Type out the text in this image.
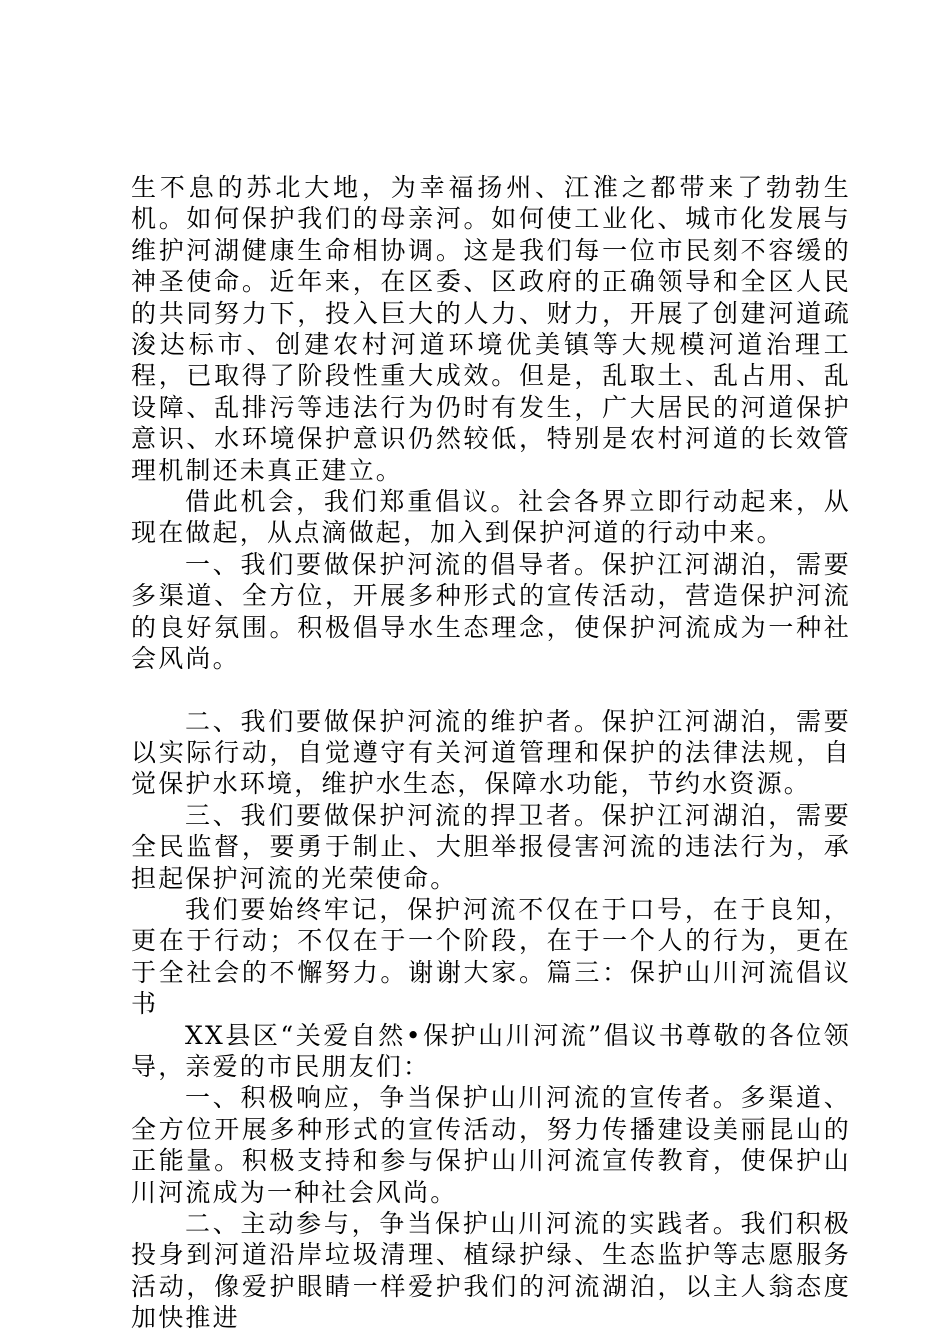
生不息的苏北大地，为幸福扬州、江淮之都带来了勃勃生机。如何保护我们的母亲河。如何使工业化、城市化发展与维护河湖健康生命相协调。这是我们每一位市民刻不容缓的神圣使命。近年来，在区委、区政府的正确领导和全区人民的共同努力下，投入巨大的人力、财力，开展了创建河道疏浚达标市、创建农村河道环境优美镇等大规模河道治理工程，已取得了阶段性重大成效。但是，乱取土、乱占用、乱设障、乱排污等违法行为仍时有发生，广大居民的河道保护意识、水环境保护意识仍然较低，特别是农村河道的长效管理机制还未真正建立。

借此机会，我们郑重倡议。社会各界立即行动起来，从现在做起，从点滴做起，加入到保护河道的行动中来。

一、我们要做保护河流的倡导者。保护江河湖泊，需要多渠道、全方位，开展多种形式的宣传活动，营造保护河流的良好氛围。积极倡导水生态理念，使保护河流成为一种社会风尚。

二、我们要做保护河流的维护者。保护江河湖泊，需要以实际行动，自觉遵守有关河道管理和保护的法律法规，自觉保护水环境，维护水生态，保障水功能，节约水资源。

三、我们要做保护河流的捍卫者。保护江河湖泊，需要全民监督，要勇于制止、大胆举报侵害河流的违法行为，承担起保护河流的光荣使命。

我们要始终牢记，保护河流不仅在于口号，在于良知，更在于行动；不仅在于一个阶段，在于一个人的行为，更在于全社会的不懈努力。谢谢大家。篇三：保护山川河流倡议书

XX县区“关爱自然•保护山川河流”倡议书尊敬的各位领导，亲爱的市民朋友们：

一、积极响应，争当保护山川河流的宣传者。多渠道、全方位开展多种形式的宣传活动，努力传播建设美丽昆山的正能量。积极支持和参与保护山川河流宣传教育，使保护山川河流成为一种社会风尚。

二、主动参与，争当保护山川河流的实践者。我们积极投身到河道沿岸垃圾清理、植绿护绿、生态监护等志愿服务活动，像爱护眼睛一样爱护我们的河流湖泊，以主人翁态度加快推进
